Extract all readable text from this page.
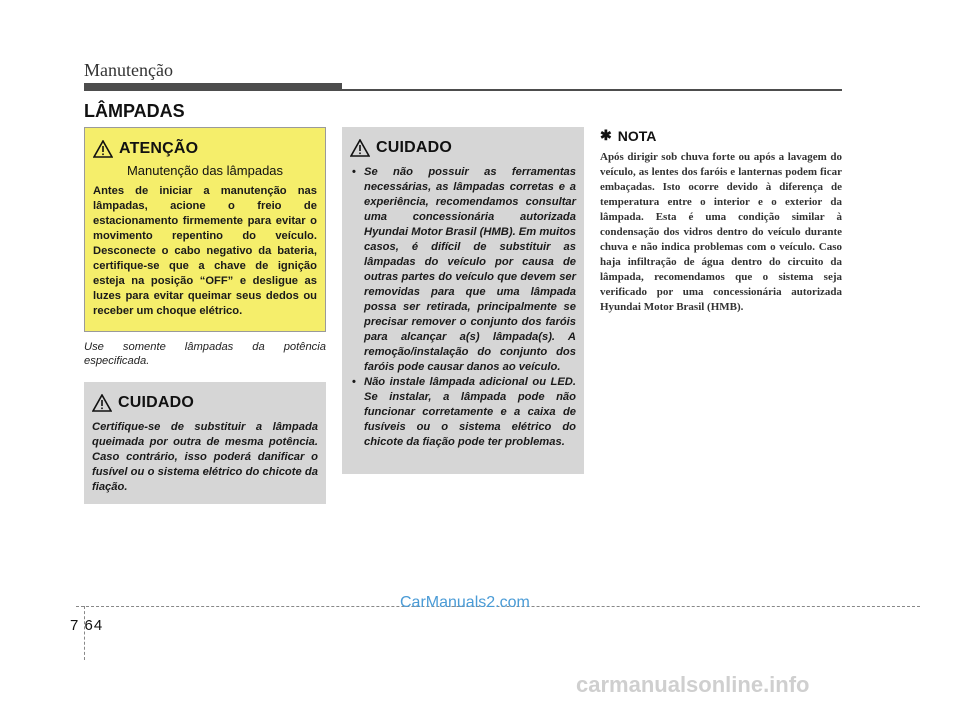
Manutenção
LÂMPADAS
ATENÇÃO
Manutenção das lâmpadas
Antes de iniciar a manutenção nas lâmpadas, acione o freio de estacionamento firmemente para evitar o movimento repentino do veículo. Desconecte o cabo negativo da bateria, certifique-se que a chave de ignição esteja na posição “OFF” e desligue as luzes para evitar queimar seus dedos ou receber um choque elétrico.
Use somente lâmpadas da potência especificada.
CUIDADO
Certifique-se de substituir a lâmpada queimada por outra de mesma potência. Caso contrário, isso poderá danificar o fusível ou o sistema elétrico do chicote da fiação.
CUIDADO
• Se não possuir as ferramentas necessárias, as lâmpadas corretas e a experiência, recomendamos consultar uma concessionária autorizada Hyundai Motor Brasil (HMB). Em muitos casos, é difícil de substituir as lâmpadas do veículo por causa de outras partes do veículo que devem ser removidas para que uma lâmpada possa ser retirada, principalmente se precisar remover o conjunto dos faróis para alcançar a(s) lâmpada(s). A remoção/instalação do conjunto dos faróis pode causar danos ao veículo.
• Não instale lâmpada adicional ou LED. Se instalar, a lâmpada pode não funcionar corretamente e a caixa de fusíveis ou o sistema elétrico do chicote da fiação pode ter problemas.
✱ NOTA
Após dirigir sob chuva forte ou após a lavagem do veículo, as lentes dos faróis e lanternas podem ficar embaçadas. Isto ocorre devido à diferença de temperatura entre o interior e o exterior da lâmpada. Esta é uma condição similar à condensação dos vidros dentro do veículo durante chuva e não indica problemas com o veículo. Caso haja infiltração de água dentro do circuito da lâmpada, recomendamos que o sistema seja verificado por uma concessionária autorizada Hyundai Motor Brasil (HMB).
7 64
CarManuals2.com
carmanualsonline.info
